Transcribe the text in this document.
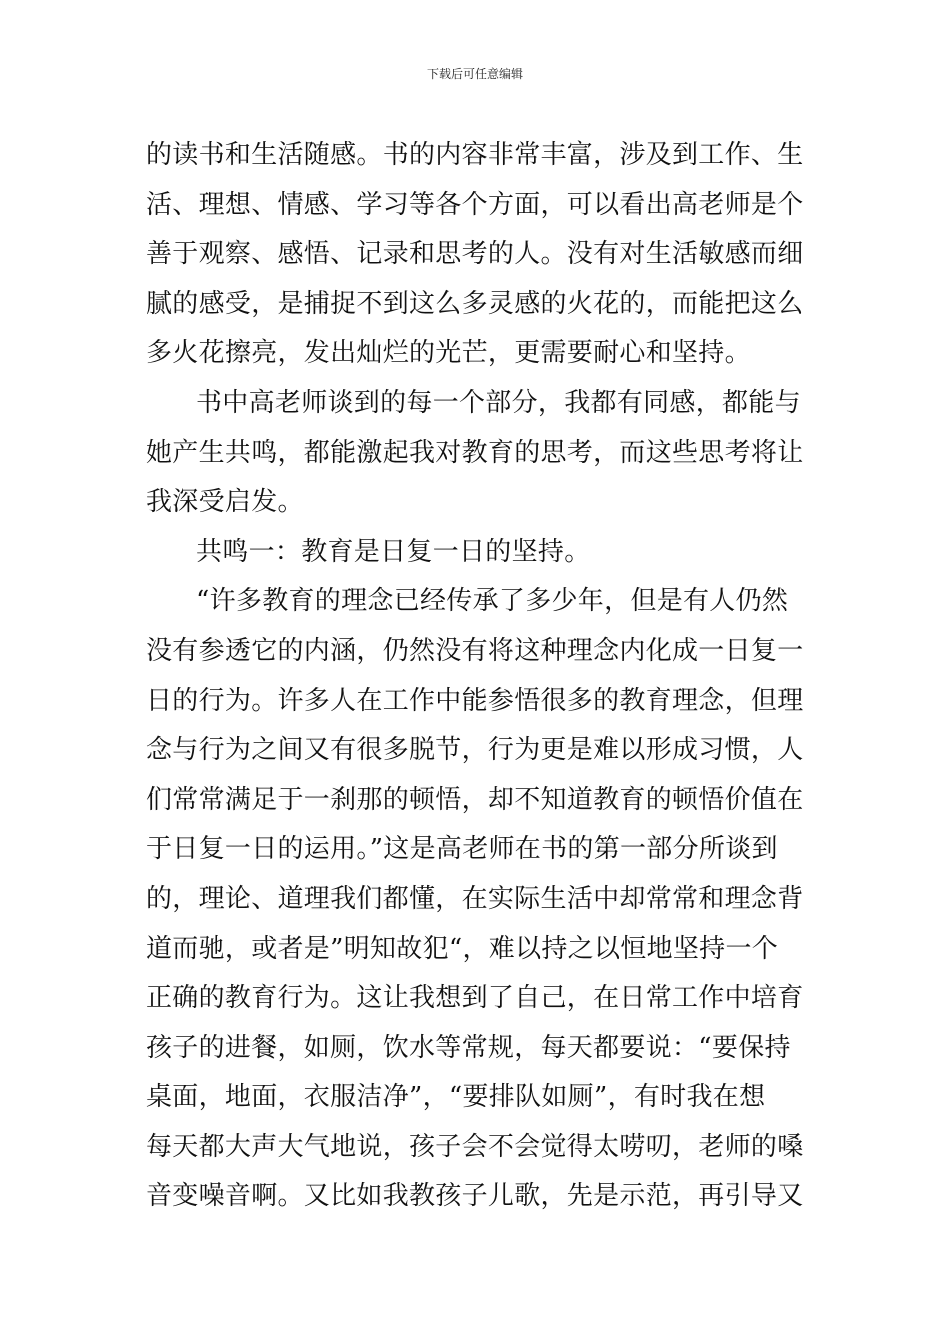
下载后可任意编辑
的读书和生活随感。书的内容非常丰富，涉及到工作、生
活、理想、情感、学习等各个方面，可以看出高老师是个
善于观察、感悟、记录和思考的人。没有对生活敏感而细
腻的感受，是捕捉不到这么多灵感的火花的，而能把这么
多火花擦亮，发出灿烂的光芒，更需要耐心和坚持。
书中高老师谈到的每一个部分，我都有同感，都能与
她产生共鸣，都能激起我对教育的思考，而这些思考将让
我深受启发。
共鸣一：教育是日复一日的坚持。
“许多教育的理念已经传承了多少年，但是有人仍然
没有参透它的内涵，仍然没有将这种理念内化成一日复一
日的行为。许多人在工作中能参悟很多的教育理念，但理
念与行为之间又有很多脱节，行为更是难以形成习惯，人
们常常满足于一刹那的顿悟，却不知道教育的顿悟价值在
于日复一日的运用。”这是高老师在书的第一部分所谈到
的，理论、道理我们都懂，在实际生活中却常常和理念背
道而驰，或者是”明知故犯“，难以持之以恒地坚持一个
正确的教育行为。这让我想到了自己，在日常工作中培育
孩子的进餐，如厕，饮水等常规，每天都要说：“要保持
桌面，地面，衣服洁净”，“要排队如厕”，有时我在想
每天都大声大气地说，孩子会不会觉得太唠叨，老师的嗓
音变噪音啊。又比如我教孩子儿歌，先是示范，再引导又
